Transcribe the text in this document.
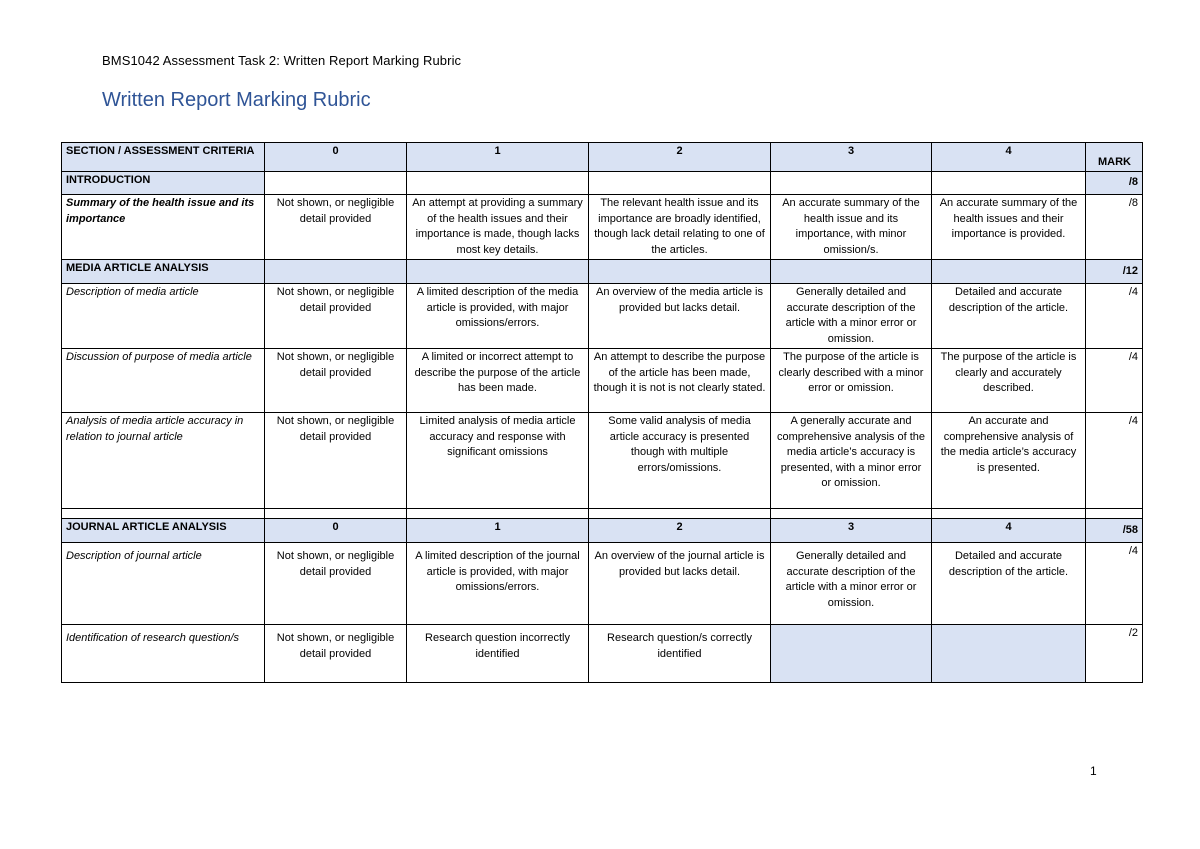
BMS1042 Assessment Task 2: Written Report Marking Rubric
Written Report Marking Rubric
SECTION / ASSESSMENT CRITERIA	0	1	2	3	4	MARK
INTRODUCTION						/8
Summary of the health issue and its importance	Not shown, or negligible detail provided	An attempt at providing a summary of the health issues and their importance is made, though lacks most key details.	The relevant health issue and its importance are broadly identified, though lack detail relating to one of the articles.	An accurate summary of the health issue and its importance, with minor omission/s.	An accurate summary of the health issues and their importance is provided.	/8
MEDIA ARTICLE ANALYSIS						/12
Description of media article	Not shown, or negligible detail provided	A limited description of the media article is provided, with major omissions/errors.	An overview of the media article is provided but lacks detail.	Generally detailed and accurate description of the article with a minor error or omission.	Detailed and accurate description of the article.	/4
Discussion of purpose of media article	Not shown, or negligible detail provided	A limited or incorrect attempt to describe the purpose of the article has been made.	An attempt to describe the purpose of the article has been made, though it is not is not clearly stated.	The purpose of the article is clearly described with a minor error or omission.	The purpose of the article is clearly and accurately described.	/4
Analysis of media article accuracy in relation to journal article	Not shown, or negligible detail provided	Limited analysis of media article accuracy and response with significant omissions	Some valid analysis of media article accuracy is presented though with multiple errors/omissions.	A generally accurate and comprehensive analysis of the media article’s accuracy is presented, with a minor error or omission.	An accurate and comprehensive analysis of the media article’s accuracy is presented.	/4

JOURNAL ARTICLE ANALYSIS	0	1	2	3	4	/58
Description of journal article	Not shown, or negligible detail provided	A limited description of the journal article is provided, with major omissions/errors.	An overview of the journal article is provided but lacks detail.	Generally detailed and accurate description of the article with a minor error or omission.	Detailed and accurate description of the article.	/4
Identification of research question/s	Not shown, or negligible detail provided	Research question incorrectly identified	Research question/s correctly identified			/2
1
